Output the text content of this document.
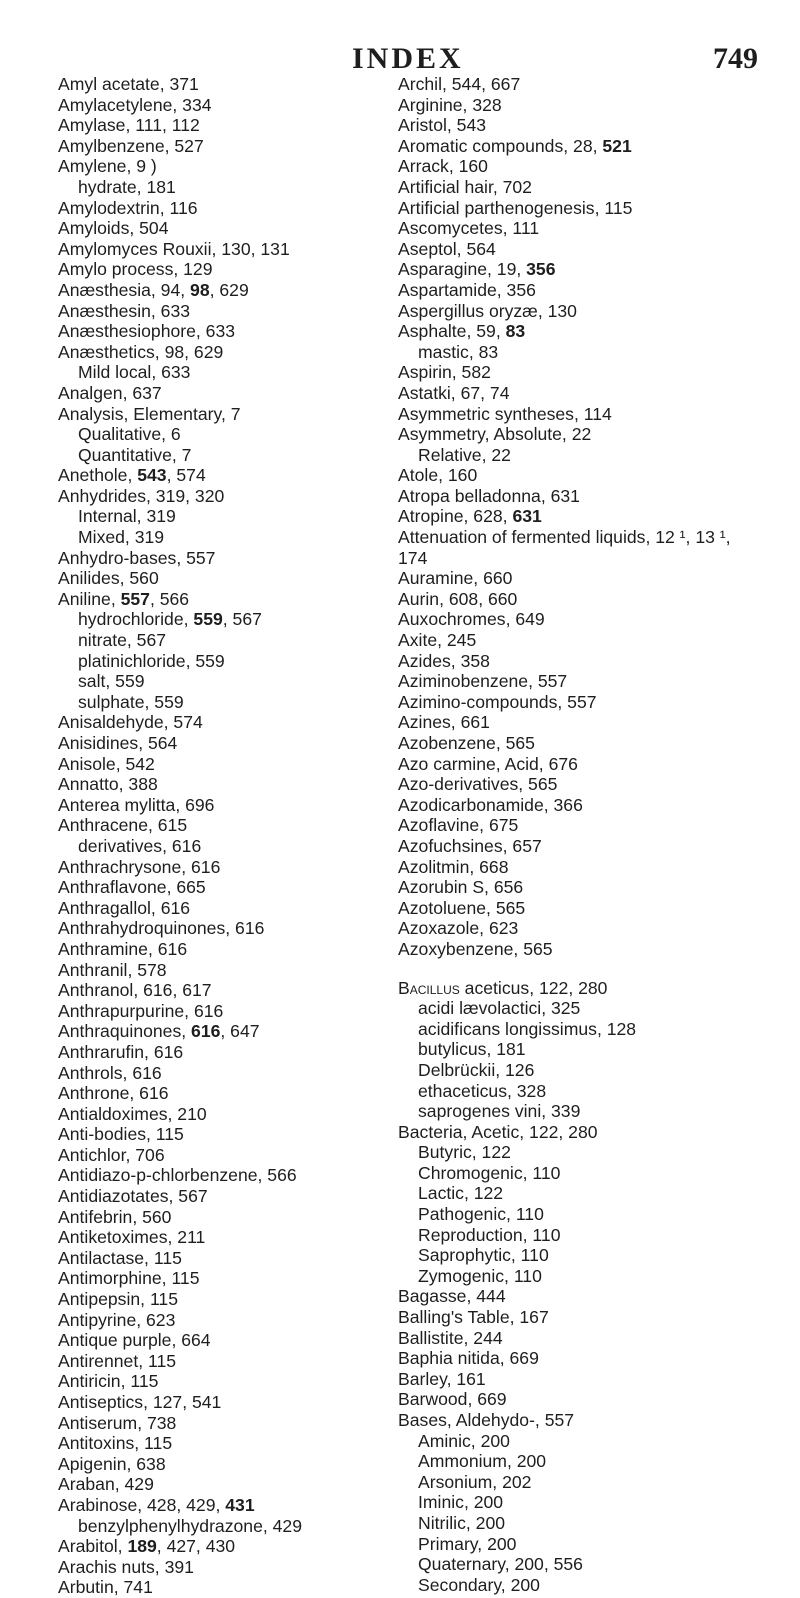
INDEX	749

Amyl acetate, 371

Amylacetylene, 334

Amylase, 111, 112

Amylbenzene, 527

Amylene, 9 )

hydrate, 181

Amylodextrin, 116

Amyloids, 504

Amylomyces Rouxii, 130, 131

Amylo process, 129

Anæsthesia, 94, 98, 629

Anæsthesin, 633

Anæsthesiophore, 633

Anæsthetics, 98, 629

Mild local, 633

Analgen, 637

Analysis, Elementary, 7

Qualitative, 6

Quantitative, 7

Anethole, 543, 574

Anhydrides, 319, 320

Internal, 319

Mixed, 319

Anhydro-bases, 557

Anilides, 560

Aniline, 557, 566

hydrochloride, 559, 567

nitrate, 567

platinichloride, 559

salt, 559

sulphate, 559

Anisaldehyde, 574

Anisidines, 564

Anisole, 542

Annatto, 388

Anterea mylitta, 696

Anthracene, 615

derivatives, 616

Anthrachrysone, 616

Anthraflavone, 665

Anthragallol, 616

Anthrahydroquinones, 616

Anthramine, 616

Anthranil, 578

Anthranol, 616, 617

Anthrapurpurine, 616

Anthraquinones, 616, 647

Anthrarufin, 616

Anthrols, 616

Anthrone, 616

Antialdoximes, 210

Anti-bodies, 115

Antichlor, 706

Antidiazo-p-chlorbenzene, 566

Antidiazotates, 567

Antifebrin, 560

Antiketoximes, 211

Antilactase, 115

Antimorphine, 115

Antipepsin, 115

Antipyrine, 623

Antique purple, 664

Antirennet, 115

Antiricin, 115

Antiseptics, 127, 541

Antiserum, 738

Antitoxins, 115

Apigenin, 638

Araban, 429

Arabinose, 428, 429, 431

benzylphenylhydrazone, 429

Arabitol, 189, 427, 430

Arachis nuts, 391

Arbutin, 741

Archil, 544, 667

Arginine, 328

Aristol, 543

Aromatic compounds, 28, 521

Arrack, 160

Artificial hair, 702

Artificial parthenogenesis, 115

Ascomycetes, 111

Aseptol, 564

Asparagine, 19, 356

Aspartamide, 356

Aspergillus oryzæ, 130

Asphalte, 59, 83

mastic, 83

Aspirin, 582

Astatki, 67, 74

Asymmetric syntheses, 114

Asymmetry, Absolute, 22

Relative, 22

Atole, 160

Atropa belladonna, 631

Atropine, 628, 631

Attenuation of fermented liquids, 12 ¹, 13 ¹,

174

Auramine, 660

Aurin, 608, 660

Auxochromes, 649

Axite, 245

Azides, 358

Aziminobenzene, 557

Azimino-compounds, 557

Azines, 661

Azobenzene, 565

Azo carmine, Acid, 676

Azo-derivatives, 565

Azodicarbonamide, 366

Azoflavine, 675

Azofuchsines, 657

Azolitmin, 668

Azorubin S, 656

Azotoluene, 565

Azoxazole, 623

Azoxybenzene, 565

Bacillus aceticus, 122, 280

acidi lævolactici, 325

acidificans longissimus, 128

butylicus, 181

Delbrückii, 126

ethaceticus, 328

saprogenes vini, 339

Bacteria, Acetic, 122, 280

Butyric, 122

Chromogenic, 110

Lactic, 122

Pathogenic, 110

Reproduction, 110

Saprophytic, 110

Zymogenic, 110

Bagasse, 444

Balling's Table, 167

Ballistite, 244

Baphia nitida, 669

Barley, 161

Barwood, 669

Bases, Aldehydo-, 557

Aminic, 200

Ammonium, 200

Arsonium, 202

Iminic, 200

Nitrilic, 200

Primary, 200

Quaternary, 200, 556

Secondary, 200
